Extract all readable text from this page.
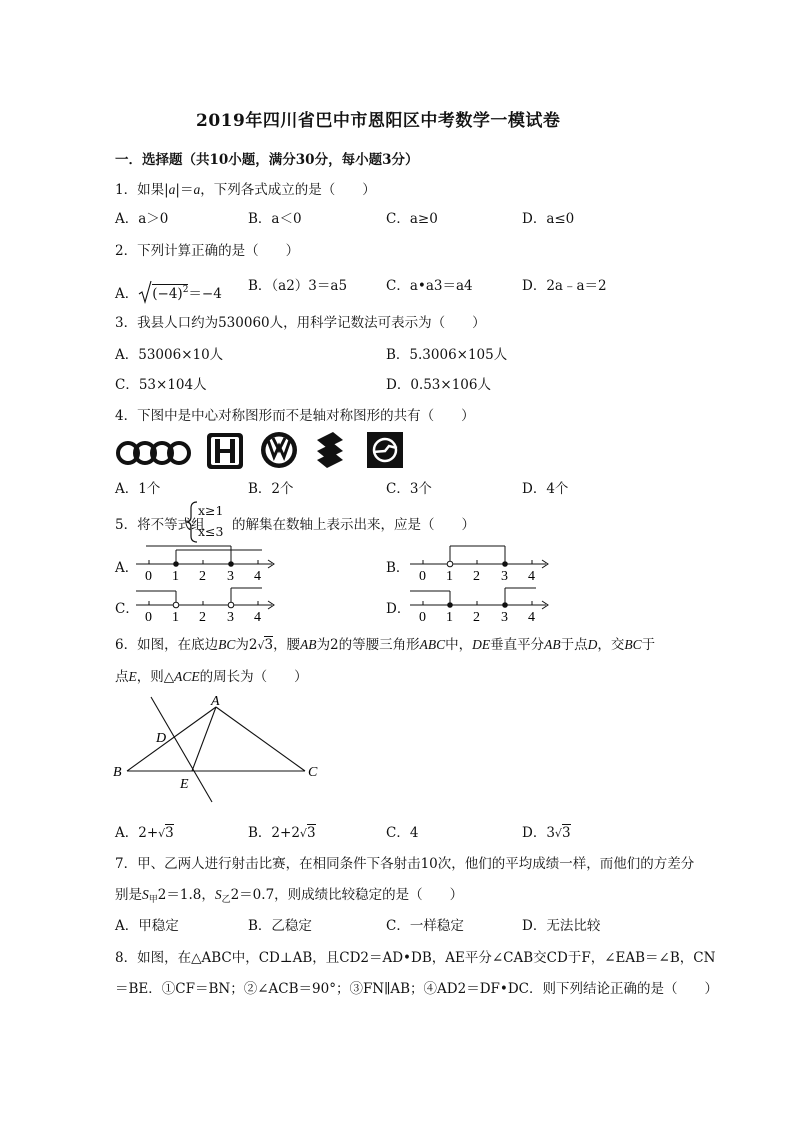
2019年四川省巴中市恩阳区中考数学一模试卷
一．选择题（共10小题，满分30分，每小题3分）
1．如果|a|＝a，下列各式成立的是（　　）
A．a＞0	B．a＜0	C．a≥0	D．a≤0
2．下列计算正确的是（　　）
A． $(-4)^2=-4$ B．（a2）3＝a5	C．a•a3＝a4	D．2a﹣a＝2
3．我县人口约为530060人，用科学记数法可表示为（　　）
A．53006×10人	B．5.3006×105人
C．53×104人	D．0.53×106人
4．下图中是中心对称图形而不是轴对称图形的共有（　　）
A．1个	B．2个	C．3个	D．4个
5．将不等式组
x≥1
x≤3 的解集在数轴上表示出来，应是（　　）
A．
0 1 2 3 4
B．
0 1 2 3 4
C．
0 1 2 3 4
D．
0 1 2 3 4
6．如图，在底边BC为2√3，腰AB为2的等腰三角形ABC中，DE垂直平分AB于点D，交BC于
点E，则△ACE的周长为（　　）
A
B	C
D
E
A．2+√3	B．2+2√3	C．4	D．3√3
7．甲、乙两人进行射击比赛，在相同条件下各射击10次，他们的平均成绩一样，而他们的方差分
别是$S_甲2=1.8$，$S_乙2=0.7$，则成绩比较稳定的是（　　）
A．甲稳定	B．乙稳定	C．一样稳定	D．无法比较
8．如图，在△ABC中，CD⊥AB，且CD2＝AD•DB，AE平分∠CAB交CD于F，∠EAB＝∠B，CN
＝BE．①CF＝BN；②∠ACB＝90°；③FN∥AB；④AD2＝DF•DC．则下列结论正确的是（　　）
